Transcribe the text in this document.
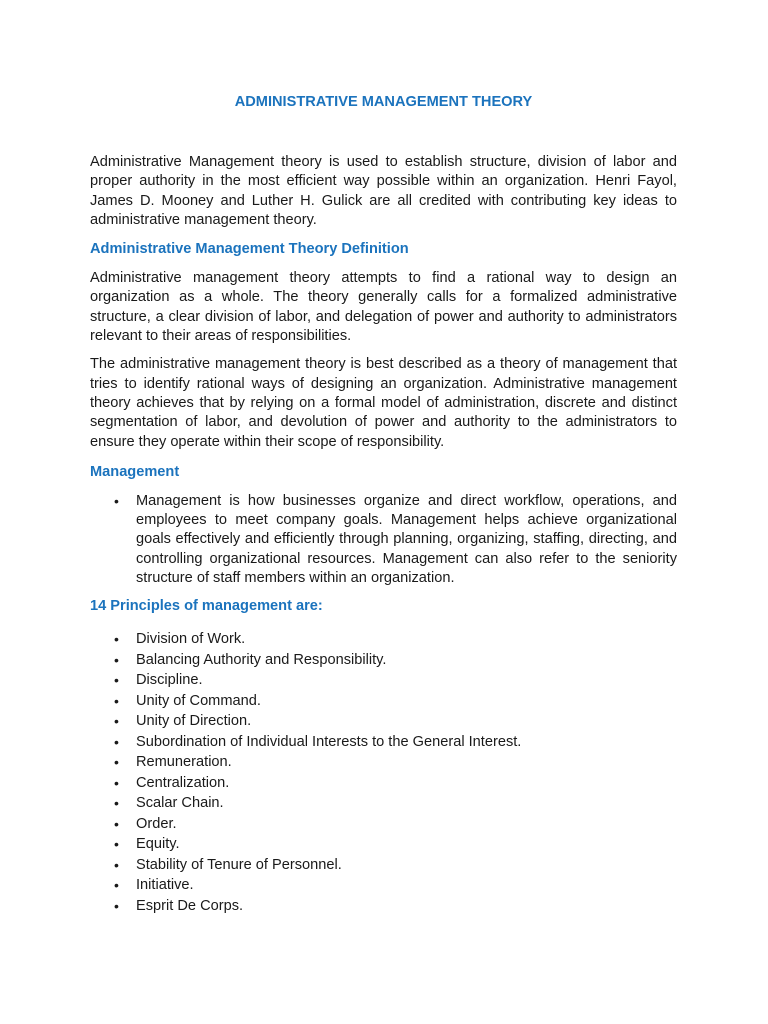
ADMINISTRATIVE MANAGEMENT THEORY

Administrative Management theory is used to establish structure, division of labor and proper authority in the most efficient way possible within an organization. Henri Fayol, James D. Mooney and Luther H. Gulick are all credited with contributing key ideas to administrative management theory.

Administrative Management Theory Definition

Administrative management theory attempts to find a rational way to design an organization as a whole. The theory generally calls for a formalized administrative structure, a clear division of labor, and delegation of power and authority to administrators relevant to their areas of responsibilities.

The administrative management theory is best described as a theory of management that tries to identify rational ways of designing an organization. Administrative management theory achieves that by relying on a formal model of administration, discrete and distinct segmentation of labor, and devolution of power and authority to the administrators to ensure they operate within their scope of responsibility.

Management
• Management is how businesses organize and direct workflow, operations, and employees to meet company goals. Management helps achieve organizational goals effectively and efficiently through planning, organizing, staffing, directing, and controlling organizational resources. Management can also refer to the seniority structure of staff members within an organization.
14 Principles of management are:
• Division of Work.
• Balancing Authority and Responsibility.
• Discipline.
• Unity of Command.
• Unity of Direction.
• Subordination of Individual Interests to the General Interest.
• Remuneration.
• Centralization.
• Scalar Chain.
• Order.
• Equity.
• Stability of Tenure of Personnel.
• Initiative.
• Esprit De Corps.
